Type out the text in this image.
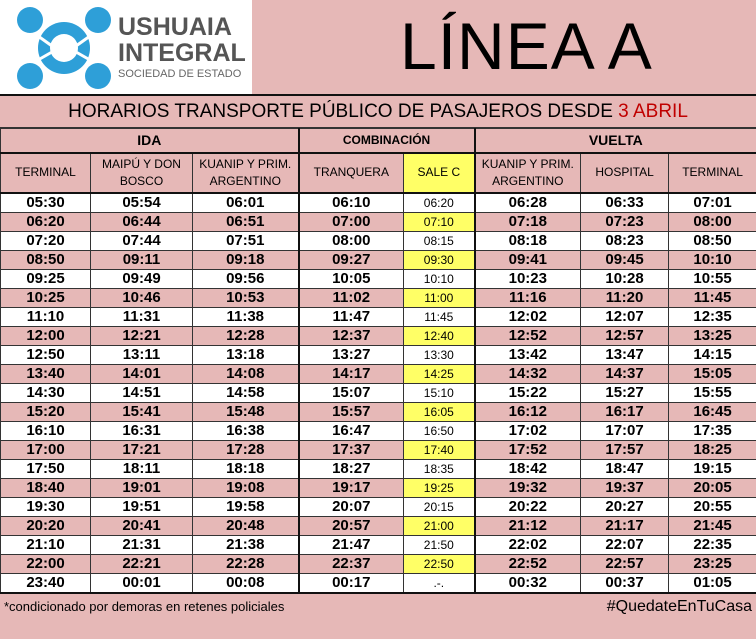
USHUAIA
INTEGRAL
SOCIEDAD DE ESTADO LÍNEA A
HORARIOS TRANSPORTE PÚBLICO DE PASAJEROS DESDE 3 ABRIL
IDA			COMBINACIÓN		VUELTA		
TERMINAL	MAIPÚ Y DON BOSCO	KUANIP Y PRIM. ARGENTINO	TRANQUERA	SALE C	KUANIP Y PRIM. ARGENTINO	HOSPITAL	TERMINAL
05:30	05:54	06:01	06:10	06:20	06:28	06:33	07:01
06:20	06:44	06:51	07:00	07:10	07:18	07:23	08:00
07:20	07:44	07:51	08:00	08:15	08:18	08:23	08:50
08:50	09:11	09:18	09:27	09:30	09:41	09:45	10:10
09:25	09:49	09:56	10:05	10:10	10:23	10:28	10:55
10:25	10:46	10:53	11:02	11:00	11:16	11:20	11:45
11:10	11:31	11:38	11:47	11:45	12:02	12:07	12:35
12:00	12:21	12:28	12:37	12:40	12:52	12:57	13:25
12:50	13:11	13:18	13:27	13:30	13:42	13:47	14:15
13:40	14:01	14:08	14:17	14:25	14:32	14:37	15:05
14:30	14:51	14:58	15:07	15:10	15:22	15:27	15:55
15:20	15:41	15:48	15:57	16:05	16:12	16:17	16:45
16:10	16:31	16:38	16:47	16:50	17:02	17:07	17:35
17:00	17:21	17:28	17:37	17:40	17:52	17:57	18:25
17:50	18:11	18:18	18:27	18:35	18:42	18:47	19:15
18:40	19:01	19:08	19:17	19:25	19:32	19:37	20:05
19:30	19:51	19:58	20:07	20:15	20:22	20:27	20:55
20:20	20:41	20:48	20:57	21:00	21:12	21:17	21:45
21:10	21:31	21:38	21:47	21:50	22:02	22:07	22:35
22:00	22:21	22:28	22:37	22:50	22:52	22:57	23:25
23:40	00:01	00:08	00:17	.-.	00:32	00:37	01:05
*condicionado por demoras en retenes policiales	#QuedateEnTuCasa
